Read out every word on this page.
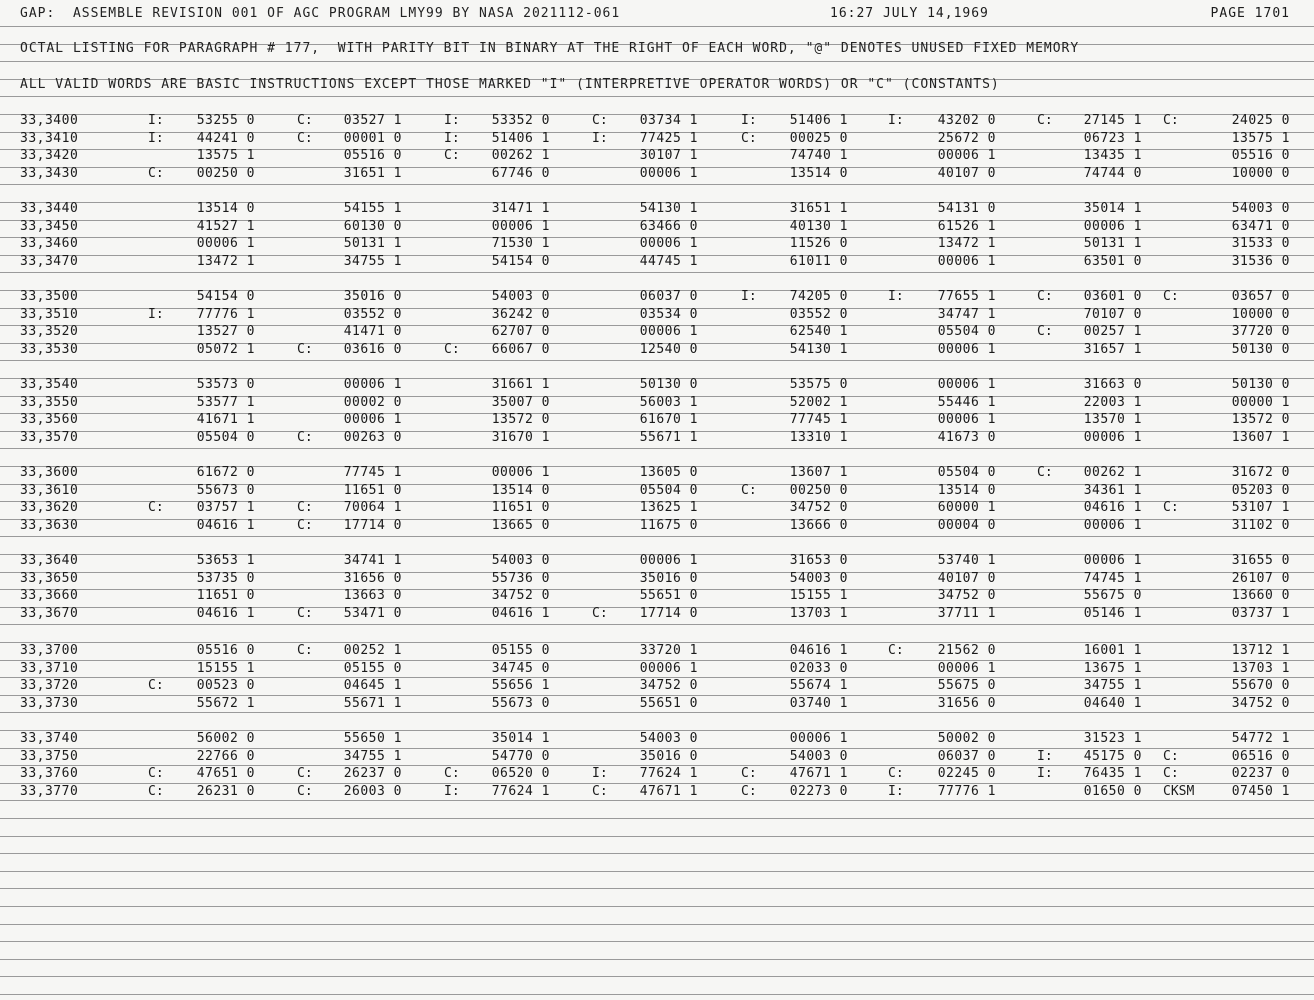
GAP:  ASSEMBLE REVISION 001 OF AGC PROGRAM LMY99 BY NASA 2021112-061	16:27 JULY 14,1969	PAGE 1701
OCTAL LISTING FOR PARAGRAPH # 177,  WITH PARITY BIT IN BINARY AT THE RIGHT OF EACH WORD, "@" DENOTES UNUSED FIXED MEMORY
ALL VALID WORDS ARE BASIC INSTRUCTIONS EXCEPT THOSE MARKED "I" (INTERPRETIVE OPERATOR WORDS) OR "C" (CONSTANTS)
33,3400	I:	53255 0	C:	03527 1	I:	53352 0	C:	03734 1	I:	51406 1	I:	43202 0	C:	27145 1 C:	24025 0
33,3410	I:	44241 0	C:	00001 0	I:	51406 1	I:	77425 1	C:	00025 0	25672 0	06723 1	13575 1
33,3420	13575 1	05516 0	C:	00262 1	30107 1	74740 1	00006 1	13435 1	05516 0
33,3430	C:	00250 0	31651 1	67746 0	00006 1	13514 0	40107 0	74744 0	10000 0
33,3440	13514 0	54155 1	31471 1	54130 1	31651 1	54131 0	35014 1	54003 0
33,3450	41527 1	60130 0	00006 1	63466 0	40130 1	61526 1	00006 1	63471 0
33,3460	00006 1	50131 1	71530 1	00006 1	11526 0	13472 1	50131 1	31533 0
33,3470	13472 1	34755 1	54154 0	44745 1	61011 0	00006 1	63501 0	31536 0
33,3500	54154 0	35016 0	54003 0	06037 0	I:	74205 0	I:	77655 1	C:	03601 0 C:	03657 0
33,3510	I:	77776 1	03552 0	36242 0	03534 0	03552 0	34747 1	70107 0	10000 0
33,3520	13527 0	41471 0	62707 0	00006 1	62540 1	05504 0	C:	00257 1	37720 0
33,3530	05072 1	C:	03616 0	C:	66067 0	12540 0	54130 1	00006 1	31657 1	50130 0
33,3540	53573 0	00006 1	31661 1	50130 0	53575 0	00006 1	31663 0	50130 0
33,3550	53577 1	00002 0	35007 0	56003 1	52002 1	55446 1	22003 1	00000 1
33,3560	41671 1	00006 1	13572 0	61670 1	77745 1	00006 1	13570 1	13572 0
33,3570	05504 0	C:	00263 0	31670 1	55671 1	13310 1	41673 0	00006 1	13607 1
33,3600	61672 0	77745 1	00006 1	13605 0	13607 1	05504 0	C:	00262 1	31672 0
33,3610	55673 0	11651 0	13514 0	05504 0	C:	00250 0	13514 0	34361 1	05203 0
33,3620	C:	03757 1	C:	70064 1	11651 0	13625 1	34752 0	60000 1	04616 1 C:	53107 1
33,3630	04616 1	C:	17714 0	13665 0	11675 0	13666 0	00004 0	00006 1	31102 0
33,3640	53653 1	34741 1	54003 0	00006 1	31653 0	53740 1	00006 1	31655 0
33,3650	53735 0	31656 0	55736 0	35016 0	54003 0	40107 0	74745 1	26107 0
33,3660	11651 0	13663 0	34752 0	55651 0	15155 1	34752 0	55675 0	13660 0
33,3670	04616 1	C:	53471 0	04616 1	C:	17714 0	13703 1	37711 1	05146 1	03737 1
33,3700	05516 0	C:	00252 1	05155 0	33720 1	04616 1	C:	21562 0	16001 1	13712 1
33,3710	15155 1	05155 0	34745 0	00006 1	02033 0	00006 1	13675 1	13703 1
33,3720	C:	00523 0	04645 1	55656 1	34752 0	55674 1	55675 0	34755 1	55670 0
33,3730	55672 1	55671 1	55673 0	55651 0	03740 1	31656 0	04640 1	34752 0
33,3740	56002 0	55650 1	35014 1	54003 0	00006 1	50002 0	31523 1	54772 1
33,3750	22766 0	34755 1	54770 0	35016 0	54003 0	06037 0	I:	45175 0 C:	06516 0
33,3760	C:	47651 0	C:	26237 0	C:	06520 0	I:	77624 1	C:	47671 1	C:	02245 0	I:	76435 1 C:	02237 0
33,3770	C:	26231 0	C:	26003 0	I:	77624 1	C:	47671 1	C:	02273 0	I:	77776 1	01650 0 CKSM	07450 1
